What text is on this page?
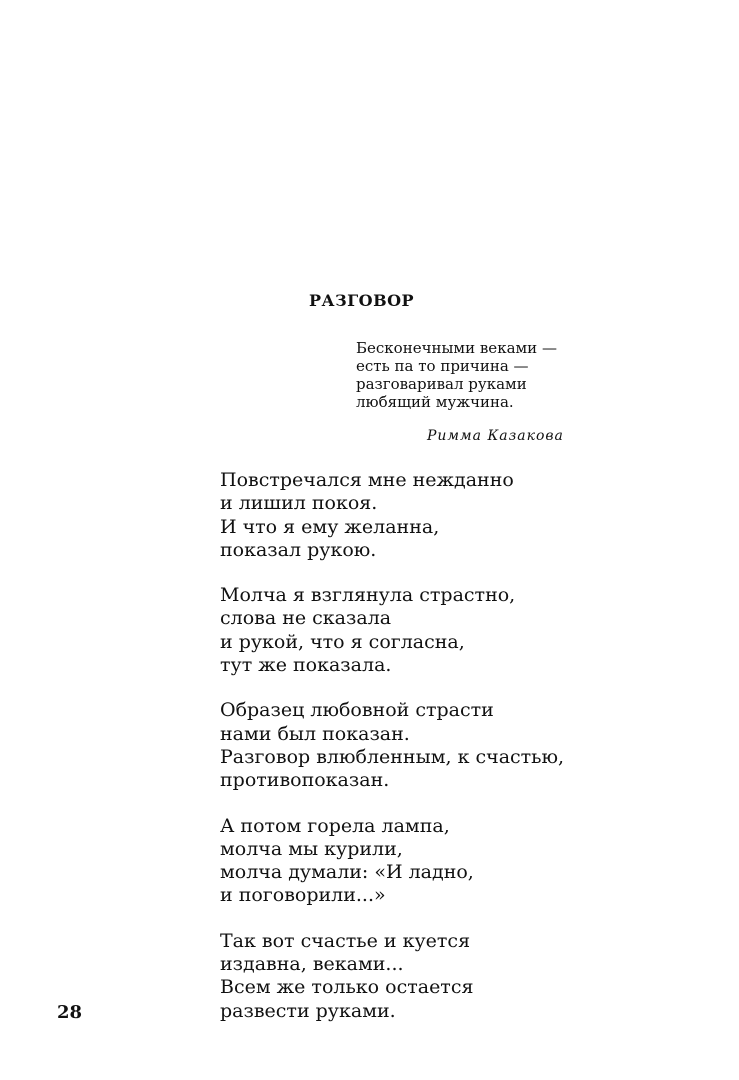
РАЗГОВОР
Бесконечными веками —
есть па то причина —
разговаривал руками
любящий мужчина.
Римма Казакова
Повстречался мне нежданно
и лишил покоя.
И что я ему желанна,
показал рукою.
Молча я взглянула страстно,
слова не сказала
и рукой, что я согласна,
тут же показала.
Образец любовной страсти
нами был показан.
Разговор влюбленным, к счастью,
противопоказан.
А потом горела лампа,
молча мы курили,
молча думали: «И ладно,
и поговорили...»
Так вот счастье и куется
издавна, веками...
Всем же только остается
развести руками.
28
